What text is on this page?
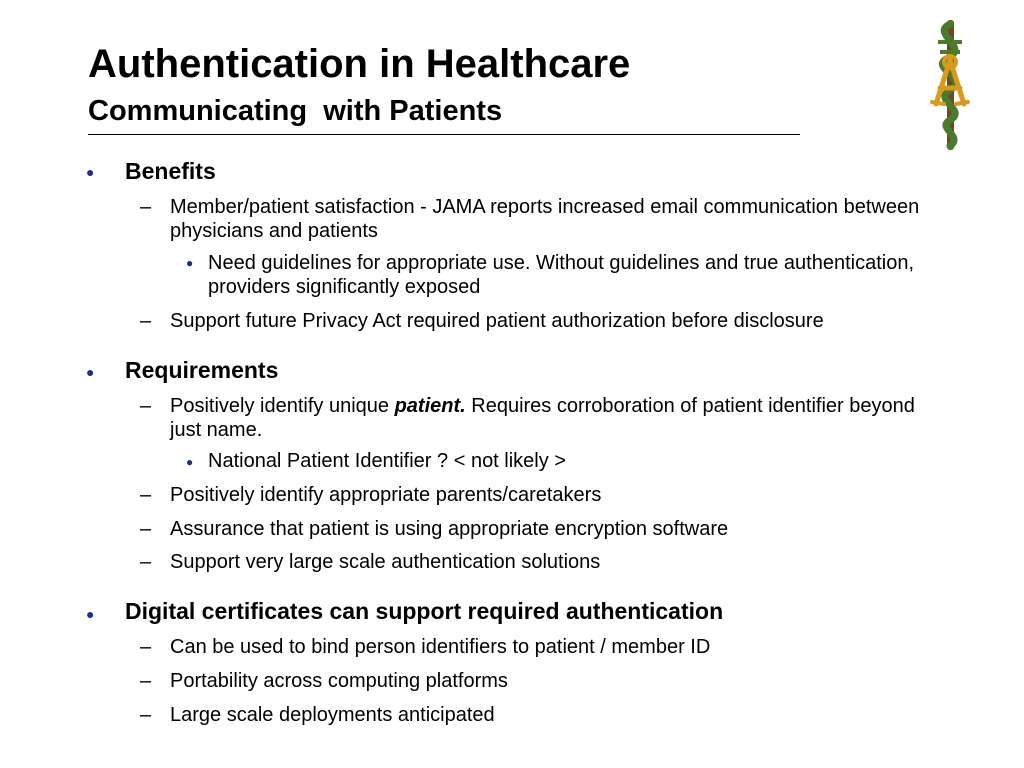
Authentication in Healthcare
Communicating  with Patients
● Benefits
– Member/patient satisfaction - JAMA reports increased email communication between
physicians and patients
● Need guidelines for appropriate use. Without guidelines and true authentication,
providers significantly exposed
– Support future Privacy Act required patient authorization before disclosure
● Requirements
– Positively identify unique patient. Requires corroboration of patient identifier beyond
just name.
● National Patient Identifier ? < not likely >
– Positively identify appropriate parents/caretakers
– Assurance that patient is using appropriate encryption software
– Support very large scale authentication solutions
● Digital certificates can support required authentication
– Can be used to bind person identifiers to patient / member ID
– Portability across computing platforms
– Large scale deployments anticipated
